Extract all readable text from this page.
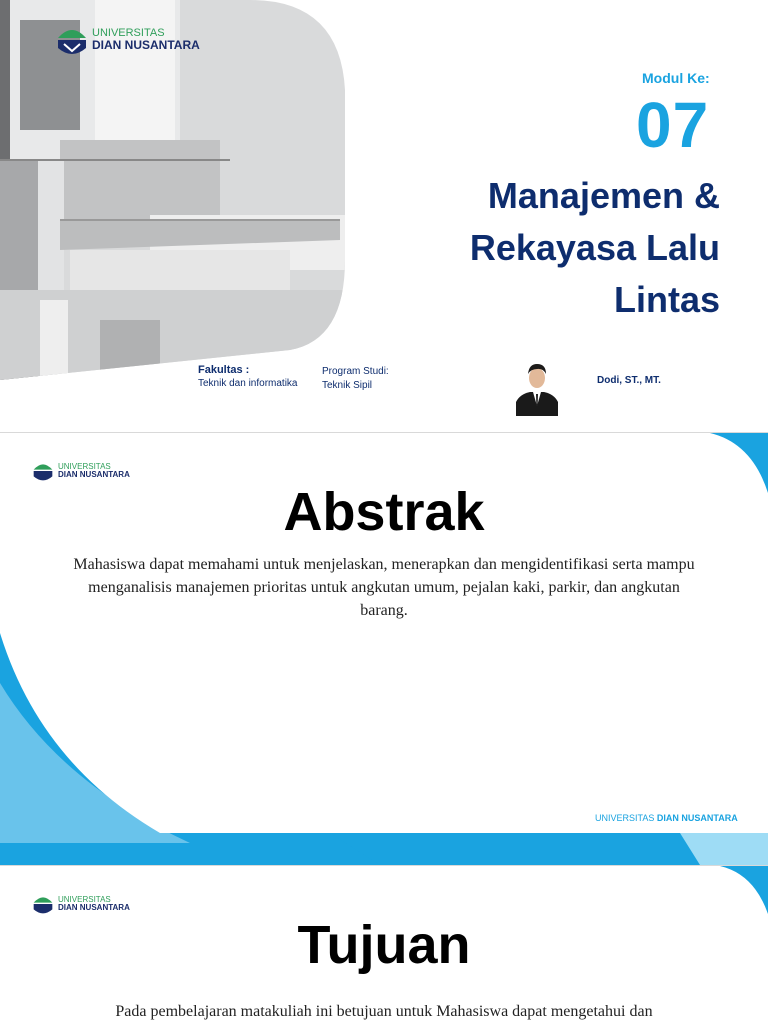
UNIVERSITAS
DIAN NUSANTARA
Modul Ke:
07
Manajemen &
Rekayasa Lalu
Lintas
Fakultas :
Teknik dan informatika
Program Studi:
Teknik Sipil	Dodi, ST., MT.
UNIVERSITAS
DIAN NUSANTARA
Abstrak
Mahasiswa dapat memahami untuk menjelaskan, menerapkan dan mengidentifikasi serta mampu menganalisis manajemen prioritas untuk angkutan umum, pejalan kaki, parkir, dan angkutan barang.
UNIVERSITAS DIAN NUSANTARA
UNIVERSITAS
DIAN NUSANTARA
Tujuan
Pada pembelajaran matakuliah ini betujuan untuk Mahasiswa dapat mengetahui dan
